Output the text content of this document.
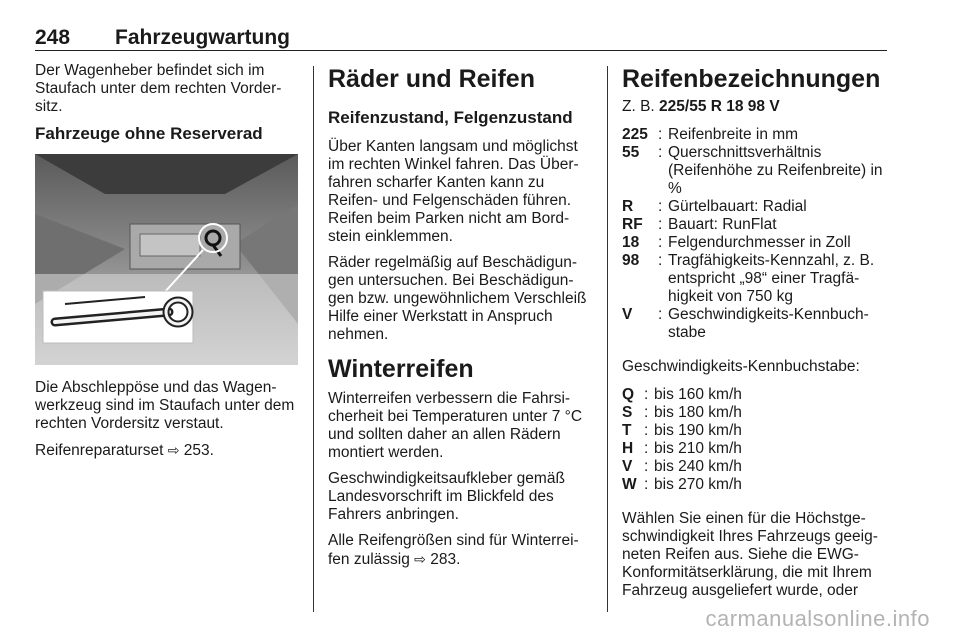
248 Fahrzeugwartung

Der Wagenheber befindet sich im Staufach unter dem rechten Vorder-sitz.

Fahrzeuge ohne Reserverad

Die Abschleppöse und das Wagen-werkzeug sind im Staufach unter dem rechten Vordersitz verstaut.

Reifenreparaturset ⇨ 253.

Räder und Reifen
Reifenzustand, Felgenzustand

Über Kanten langsam und möglichst im rechten Winkel fahren. Das Über-fahren scharfer Kanten kann zu Reifen- und Felgenschäden führen. Reifen beim Parken nicht am Bord-stein einklemmen.

Räder regelmäßig auf Beschädigun-gen untersuchen. Bei Beschädigun-gen bzw. ungewöhnlichem Verschleiß Hilfe einer Werkstatt in Anspruch nehmen.

Winterreifen

Winterreifen verbessern die Fahrsi-cherheit bei Temperaturen unter 7 °C und sollten daher an allen Rädern montiert werden.

Geschwindigkeitsaufkleber gemäß Landesvorschrift im Blickfeld des Fahrers anbringen.

Alle Reifengrößen sind für Winterrei-fen zulässig ⇨ 283.

Reifenbezeichnungen

Z. B. 225/55 R 18 98 V

225 : Reifenbreite in mm
55	: Querschnittsverhältnis (Reifenhöhe zu Reifenbreite) in %
R	: Gürtelbauart: Radial
RF : Bauart: RunFlat
18	: Felgendurchmesser in Zoll
98	: Tragfähigkeits-Kennzahl, z. B. entspricht „98“ einer Tragfä-higkeit von 750 kg
V	: Geschwindigkeits-Kennbuch-stabe

Geschwindigkeits-Kennbuchstabe:

Q : bis 160 km/h
S : bis 180 km/h
T : bis 190 km/h
H : bis 210 km/h
V : bis 240 km/h
W : bis 270 km/h

Wählen Sie einen für die Höchstge-schwindigkeit Ihres Fahrzeugs geeig-neten Reifen aus. Siehe die EWG-Konformitätserklärung, die mit Ihrem Fahrzeug ausgeliefert wurde, oder

carmanualsonline.info
